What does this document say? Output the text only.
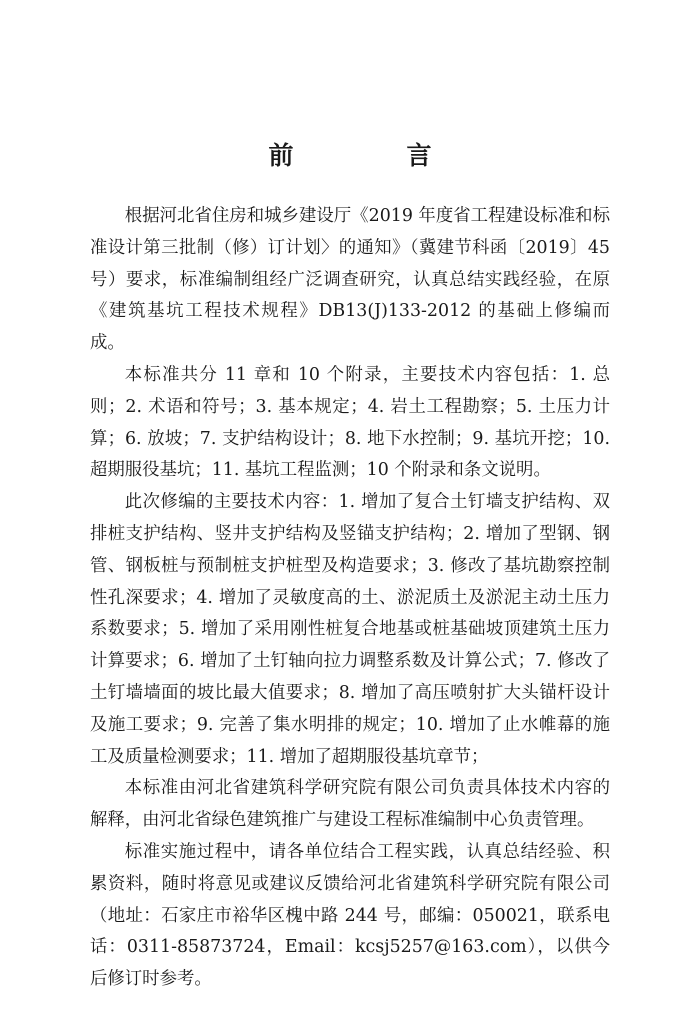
前　言

根据河北省住房和城乡建设厅《2019 年度省工程建设标准和标准设计第三批制（修）订计划〉的通知》（冀建节科函〔2019〕45 号）要求，标准编制组经广泛调查研究，认真总结实践经验，在原《建筑基坑工程技术规程》DB13(J)133-2012 的基础上修编而成。

本标准共分 11 章和 10 个附录，主要技术内容包括：1. 总则；2. 术语和符号；3. 基本规定；4. 岩土工程勘察；5. 土压力计算；6. 放坡；7. 支护结构设计；8. 地下水控制；9. 基坑开挖；10. 超期服役基坑；11. 基坑工程监测；10 个附录和条文说明。

此次修编的主要技术内容：1. 增加了复合土钉墙支护结构、双排桩支护结构、竖井支护结构及竖锚支护结构；2. 增加了型钢、钢管、钢板桩与预制桩支护桩型及构造要求；3. 修改了基坑勘察控制性孔深要求；4. 增加了灵敏度高的土、淤泥质土及淤泥主动土压力系数要求；5. 增加了采用刚性桩复合地基或桩基础坡顶建筑土压力计算要求；6. 增加了土钉轴向拉力调整系数及计算公式；7. 修改了土钉墙墙面的坡比最大值要求；8. 增加了高压喷射扩大头锚杆设计及施工要求；9. 完善了集水明排的规定；10. 增加了止水帷幕的施工及质量检测要求；11. 增加了超期服役基坑章节；

本标准由河北省建筑科学研究院有限公司负责具体技术内容的解释，由河北省绿色建筑推广与建设工程标准编制中心负责管理。

标准实施过程中，请各单位结合工程实践，认真总结经验、积累资料，随时将意见或建议反馈给河北省建筑科学研究院有限公司（地址：石家庄市裕华区槐中路 244 号，邮编：050021，联系电话：0311-85873724，Email：kcsj5257@163.com），以供今后修订时参考。
